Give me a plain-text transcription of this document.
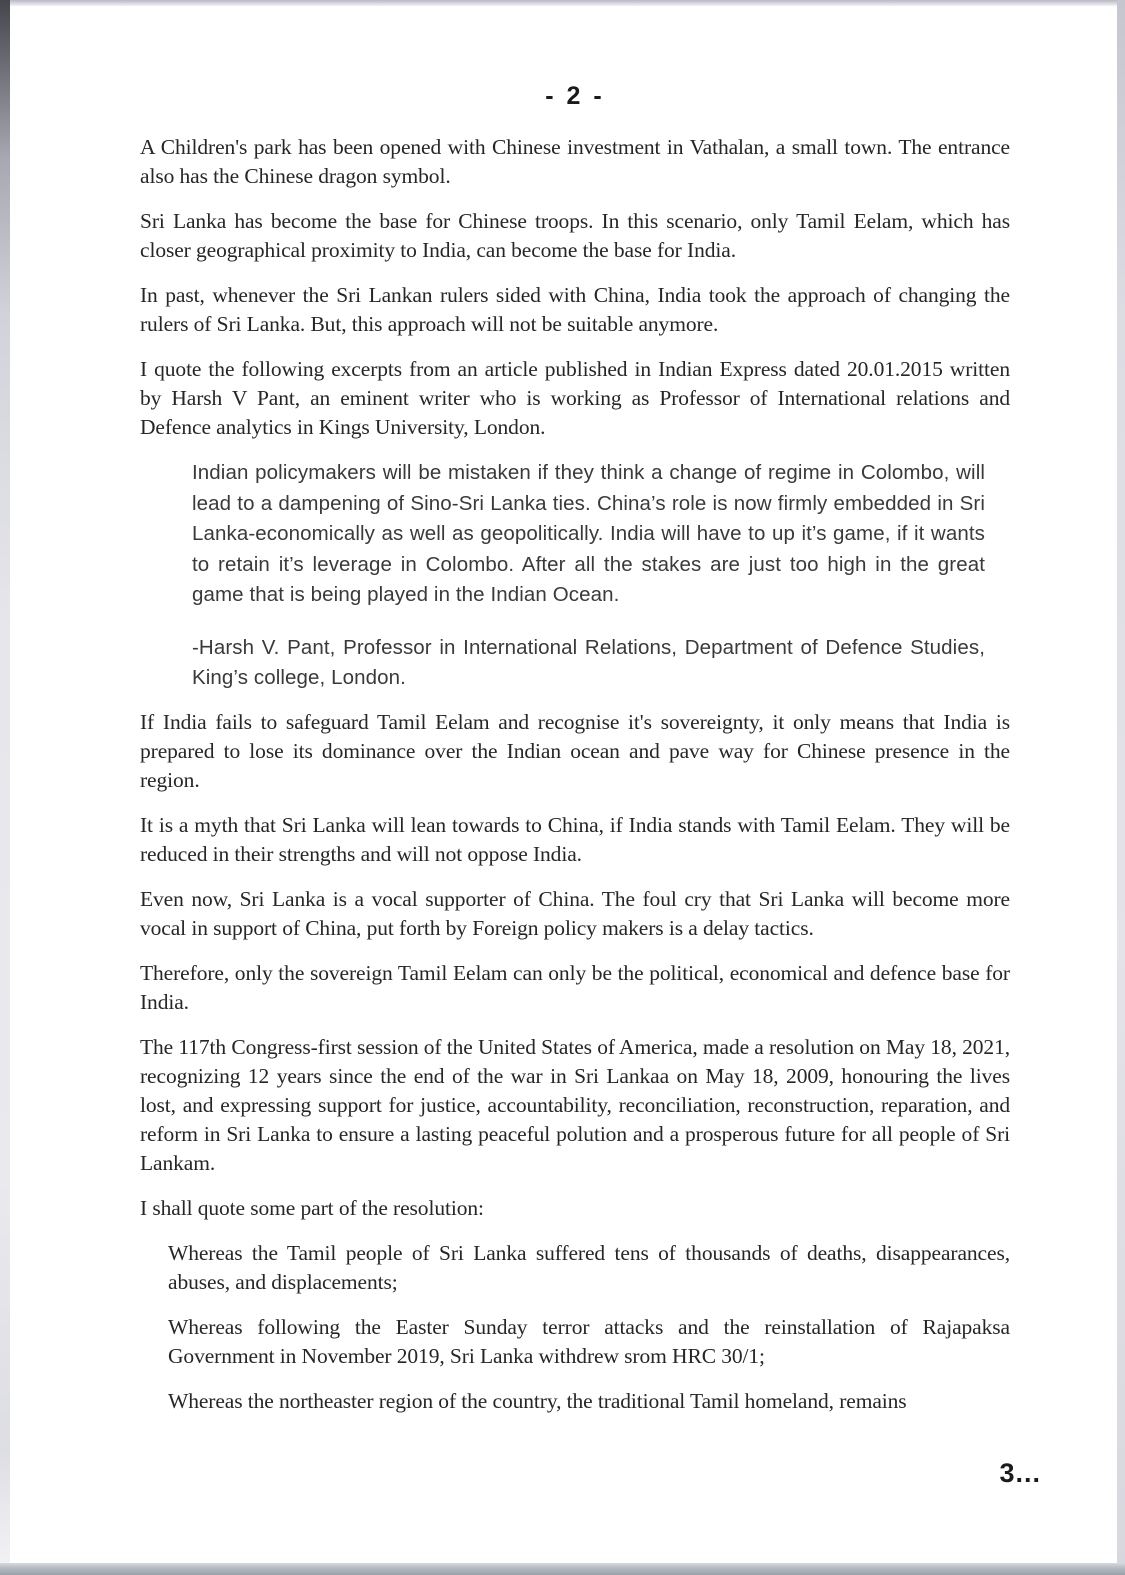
- 2 -

A Children's park has been opened with Chinese investment in Vathalan, a small town. The entrance also has the Chinese dragon symbol.

Sri Lanka has become the base for Chinese troops. In this scenario, only Tamil Eelam, which has closer geographical proximity to India, can become the base for India.

In past, whenever the Sri Lankan rulers sided with China, India took the approach of changing the rulers of Sri Lanka. But, this approach will not be suitable anymore.

I quote the following excerpts from an article published in Indian Express dated 20.01.2015 written by Harsh V Pant, an eminent writer who is working as Professor of International relations and Defence analytics in Kings University, London.

Indian policymakers will be mistaken if they think a change of regime in Colombo, will lead to a dampening of Sino-Sri Lanka ties. China’s role is now firmly embedded in Sri Lanka-economically as well as geopolitically. India will have to up it’s game, if it wants to retain it’s leverage in Colombo. After all the stakes are just too high in the great game that is being played in the Indian Ocean.
-Harsh V. Pant, Professor in International Relations, Department of Defence Studies, King’s college, London.

If India fails to safeguard Tamil Eelam and recognise it's sovereignty, it only means that India is prepared to lose its dominance over the Indian ocean and pave way for Chinese presence in the region.

It is a myth that Sri Lanka will lean towards to China, if India stands with Tamil Eelam. They will be reduced in their strengths and will not oppose India.

Even now, Sri Lanka is a vocal supporter of China. The foul cry that Sri Lanka will become more vocal in support of China, put forth by Foreign policy makers is a delay tactics.

Therefore, only the sovereign Tamil Eelam can only be the political, economical and defence base for India.

The 117th Congress-first session of the United States of America, made a resolution on May 18, 2021, recognizing 12 years since the end of the war in Sri Lankaa on May 18, 2009, honouring the lives lost, and expressing support for justice, accountability, reconciliation, reconstruction, reparation, and reform in Sri Lanka to ensure a lasting peaceful polution and a prosperous future for all people of Sri Lankam.

I shall quote some part of the resolution:

Whereas the Tamil people of Sri Lanka suffered tens of thousands of deaths, disappearances, abuses, and displacements;

Whereas following the Easter Sunday terror attacks and the reinstallation of Rajapaksa Government in November 2019, Sri Lanka withdrew srom HRC 30/1;

Whereas the northeaster region of the country, the traditional Tamil homeland, remains

3...
